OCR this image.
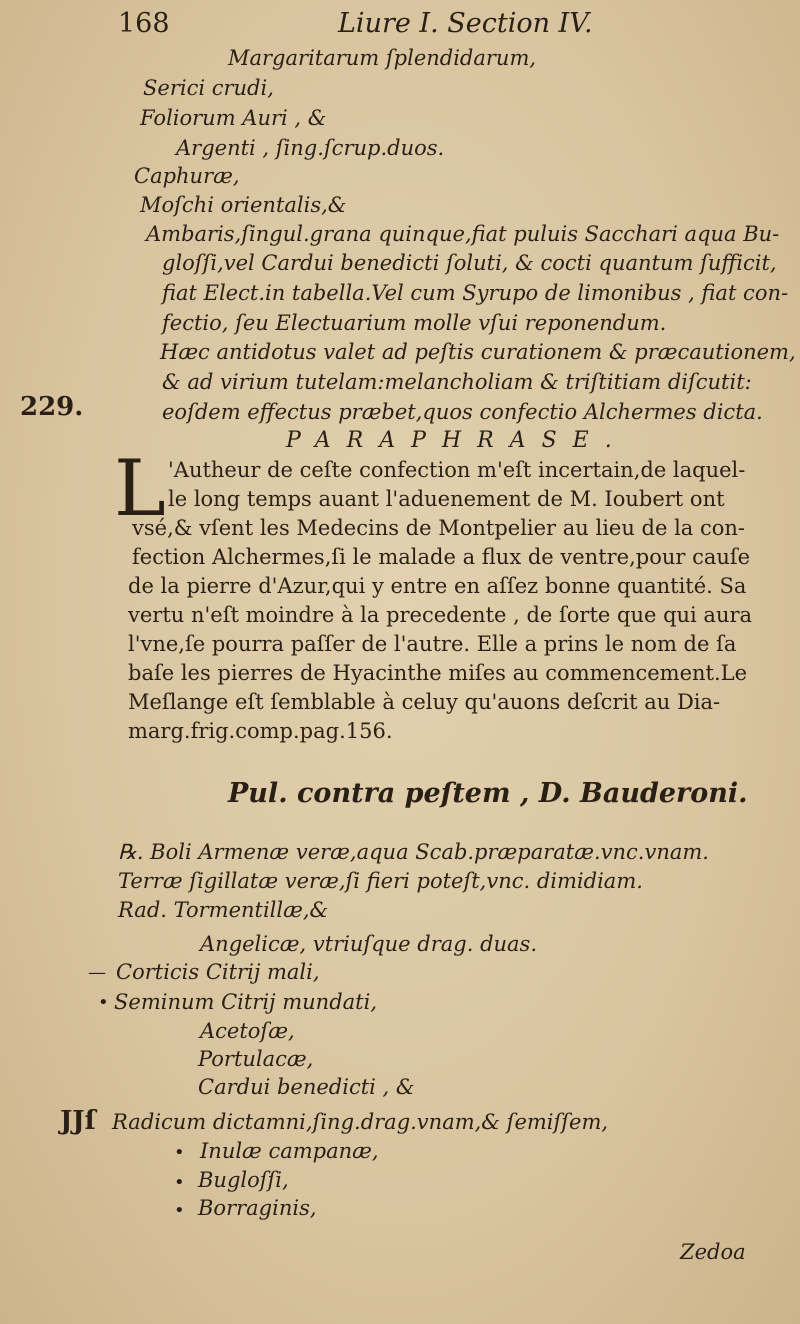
168	Liure I. Section IV.
Margaritarum ſplendidarum,
Serici crudi,
Foliorum Auri , &
Argenti , ſing.ſcrup.duos.
Caphuræ,
Moſchi orientalis,&
Ambaris,ſingul.grana quinque,fiat puluis Sacchari aqua Bu-
gloſſi,vel Cardui benedicti ſoluti, & cocti quantum ſufficit,
fiat Elect.in tabella.Vel cum Syrupo de limonibus , fiat con-
fectio, ſeu Electuarium molle vſui reponendum.
Hæc antidotus valet ad peſtis curationem & præcautionem,
& ad virium tutelam:melancholiam & triſtitiam diſcutit:
eoſdem effectus præbet,quos confectio Alchermes dicta.
229.
PARAPHRASE.
L 'Autheur de ceſte confection m'eſt incertain,de laquel-
le long temps auant l'aduenement de M. Ioubert ont
vsé,& vſent les Medecins de Montpelier au lieu de la con-
fection Alchermes,ſi le malade a flux de ventre,pour cauſe
de la pierre d'Azur,qui y entre en aſſez bonne quantité. Sa
vertu n'eſt moindre à la precedente , de ſorte que qui aura
l'vne,ſe pourra paſſer de l'autre. Elle a prins le nom de ſa
baſe les pierres de Hyacinthe miſes au commencement.Le
Meſlange eſt ſemblable à celuy qu'auons deſcrit au Dia-
marg.frig.comp.pag.156.
Pul. contra peſtem , D. Bauderoni.
℞. Boli Armenæ veræ,aqua Scab.præparatæ.vnc.vnam.
Terræ ſigillatæ veræ,ſi fieri poteſt,vnc. dimidiam.
Rad. Tormentillæ,&
Angelicæ, vtriuſque drag. duas.
— Corticis Citrij mali,
• Seminum Citrij mundati,
Acetoſæ,
Portulacæ,
Cardui benedicti , &
JJſ Radicum dictamni,ſing.drag.vnam,& ſemiſſem,
• Inulæ campanæ,
• Bugloſſi,
• Borraginis,
Zedoa
